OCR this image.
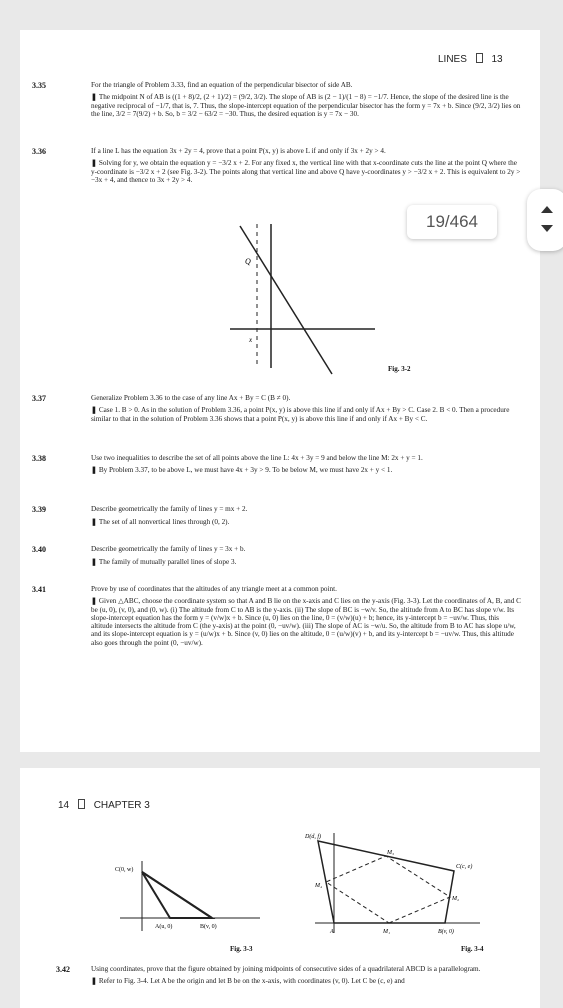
LINES 13
3.35	For the triangle of Problem 3.33, find an equation of the perpendicular bisector of side AB.

❚ The midpoint N of AB is ((1 + 8)/2, (2 + 1)/2) = (9/2, 3/2). The slope of AB is (2 − 1)/(1 − 8) = −1/7. Hence, the slope of the desired line is the negative reciprocal of −1/7, that is, 7. Thus, the slope-intercept equation of the perpendicular bisector has the form y = 7x + b. Since (9/2, 3/2) lies on the line, 3/2 = 7(9/2) + b. So, b = 3/2 − 63/2 = −30. Thus, the desired equation is y = 7x − 30.

3.36	If a line L has the equation 3x + 2y = 4, prove that a point P(x, y) is above L if and only if 3x + 2y > 4.

❚ Solving for y, we obtain the equation y = −3/2 x + 2. For any fixed x, the vertical line with that x-coordinate cuts the line at the point Q where the y-coordinate is −3/2 x + 2 (see Fig. 3-2). The points along that vertical line and above Q have y-coordinates y > −3/2 x + 2. This is equivalent to 2y > −3x + 4, and thence to 3x + 2y > 4.

Q
x
Fig. 3-2
3.37	Generalize Problem 3.36 to the case of any line Ax + By = C (B ≠ 0).

❚ Case 1. B > 0. As in the solution of Problem 3.36, a point P(x, y) is above this line if and only if Ax + By > C. Case 2. B < 0. Then a procedure similar to that in the solution of Problem 3.36 shows that a point P(x, y) is above this line if and only if Ax + By < C.

3.38	Use two inequalities to describe the set of all points above the line L: 4x + 3y = 9 and below the line M: 2x + y = 1.

❚ By Problem 3.37, to be above L, we must have 4x + 3y > 9. To be below M, we must have 2x + y < 1.

3.39	Describe geometrically the family of lines y = mx + 2.

❚ The set of all nonvertical lines through (0, 2).

3.40	Describe geometrically the family of lines y = 3x + b.

❚ The family of mutually parallel lines of slope 3.

3.41	Prove by use of coordinates that the altitudes of any triangle meet at a common point.

❚ Given △ABC, choose the coordinate system so that A and B lie on the x-axis and C lies on the y-axis (Fig. 3-3). Let the coordinates of A, B, and C be (u, 0), (v, 0), and (0, w). (i) The altitude from C to AB is the y-axis. (ii) The slope of BC is −w/v. So, the altitude from A to BC has slope v/w. Its slope-intercept equation has the form y = (v/w)x + b. Since (u, 0) lies on the line, 0 = (v/w)(u) + b; hence, its y-intercept b = −uv/w. Thus, this altitude intersects the altitude from C (the y-axis) at the point (0, −uv/w). (iii) The slope of AC is −w/u. So, the altitude from B to AC has slope u/w, and its slope-intercept equation is y = (u/w)x + b. Since (v, 0) lies on the altitude, 0 = (u/w)(v) + b, and its y-intercept b = −uv/w. Thus, this altitude also goes through the point (0, −uv/w).

14 CHAPTER 3
C(0, w)
A(u, 0)	B(v, 0)
Fig. 3-3
D(d, f)
C(c, e)
M₃
M₄
M₂
M₁
A	B(v, 0)
Fig. 3-4
3.42	Using coordinates, prove that the figure obtained by joining midpoints of consecutive sides of a quadrilateral ABCD is a parallelogram.

❚ Refer to Fig. 3-4. Let A be the origin and let B be on the x-axis, with coordinates (v, 0). Let C be (c, e) and

19/464
